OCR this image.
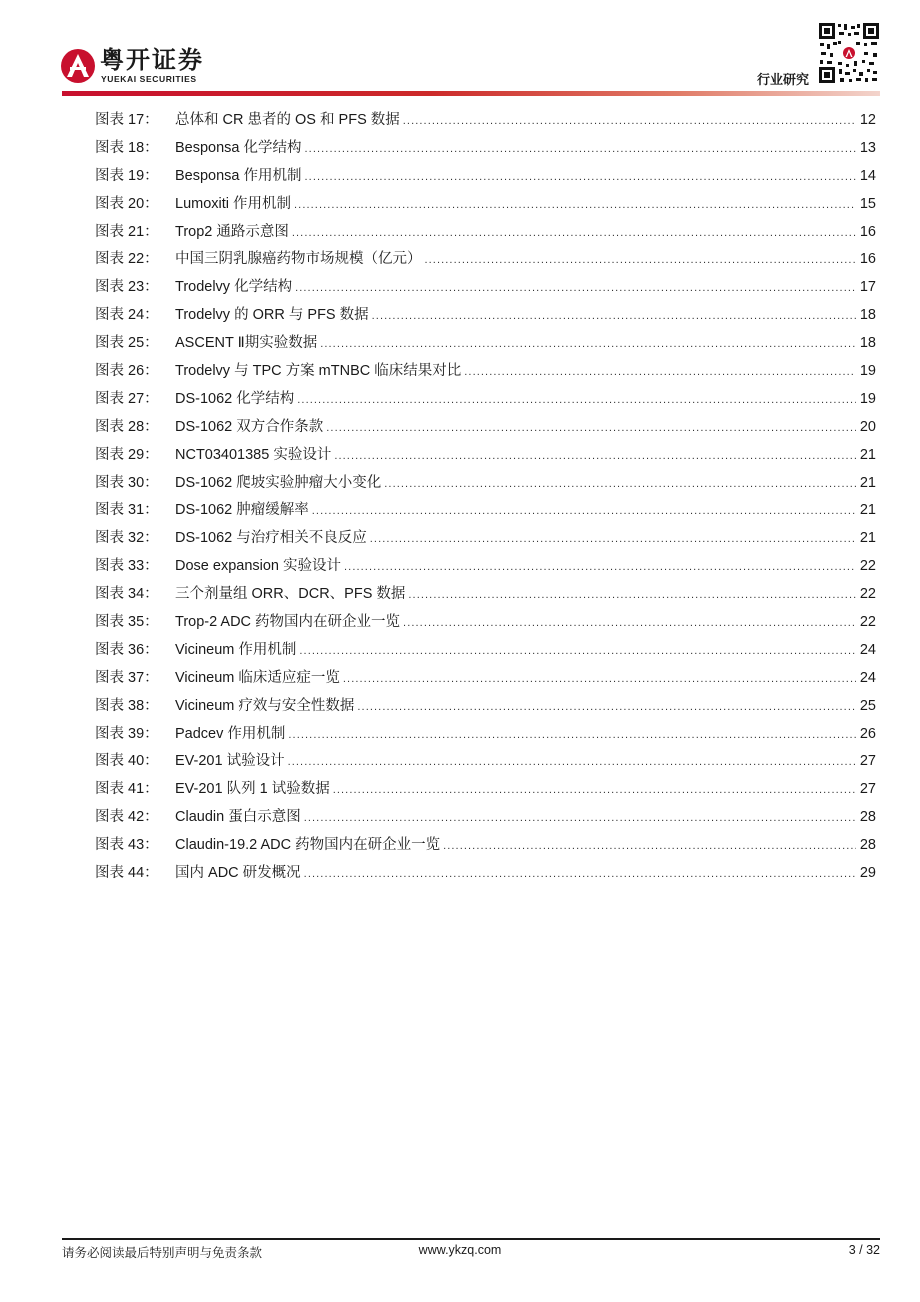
粤开证券
YUEKAI SECURITIES	行业研究
图表 17：	总体和 CR 患者的 OS 和 PFS 数据 .....	12
图表 18：	Besponsa 化学结构 .....	13
图表 19：	Besponsa 作用机制 .....	14
图表 20：	Lumoxiti 作用机制 .....	15
图表 21：	Trop2 通路示意图 .....	16
图表 22：	中国三阴乳腺癌药物市场规模（亿元） .....	16
图表 23：	Trodelvy 化学结构 .....	17
图表 24：	Trodelvy 的 ORR 与 PFS 数据 .....	18
图表 25：	ASCENT Ⅱ期实验数据 .....	18
图表 26：	Trodelvy 与 TPC 方案 mTNBC 临床结果对比 .....	19
图表 27：	DS-1062 化学结构 .....	19
图表 28：	DS-1062 双方合作条款 .....	20
图表 29：	NCT03401385 实验设计 .....	21
图表 30：	DS-1062 爬坡实验肿瘤大小变化 .....	21
图表 31：	DS-1062 肿瘤缓解率 .....	21
图表 32：	DS-1062 与治疗相关不良反应 .....	21
图表 33：	Dose expansion 实验设计 .....	22
图表 34：	三个剂量组 ORR、DCR、PFS 数据 .....	22
图表 35：	Trop-2 ADC 药物国内在研企业一览 .....	22
图表 36：	Vicineum 作用机制 .....	24
图表 37：	Vicineum 临床适应症一览 .....	24
图表 38：	Vicineum 疗效与安全性数据 .....	25
图表 39：	Padcev 作用机制 .....	26
图表 40：	EV-201 试验设计 .....	27
图表 41：	EV-201 队列 1 试验数据 .....	27
图表 42：	Claudin 蛋白示意图 .....	28
图表 43：	Claudin-19.2 ADC 药物国内在研企业一览 .....	28
图表 44：	国内 ADC 研发概况 .....	29
请务必阅读最后特别声明与免责条款	www.ykzq.com	3 / 32
